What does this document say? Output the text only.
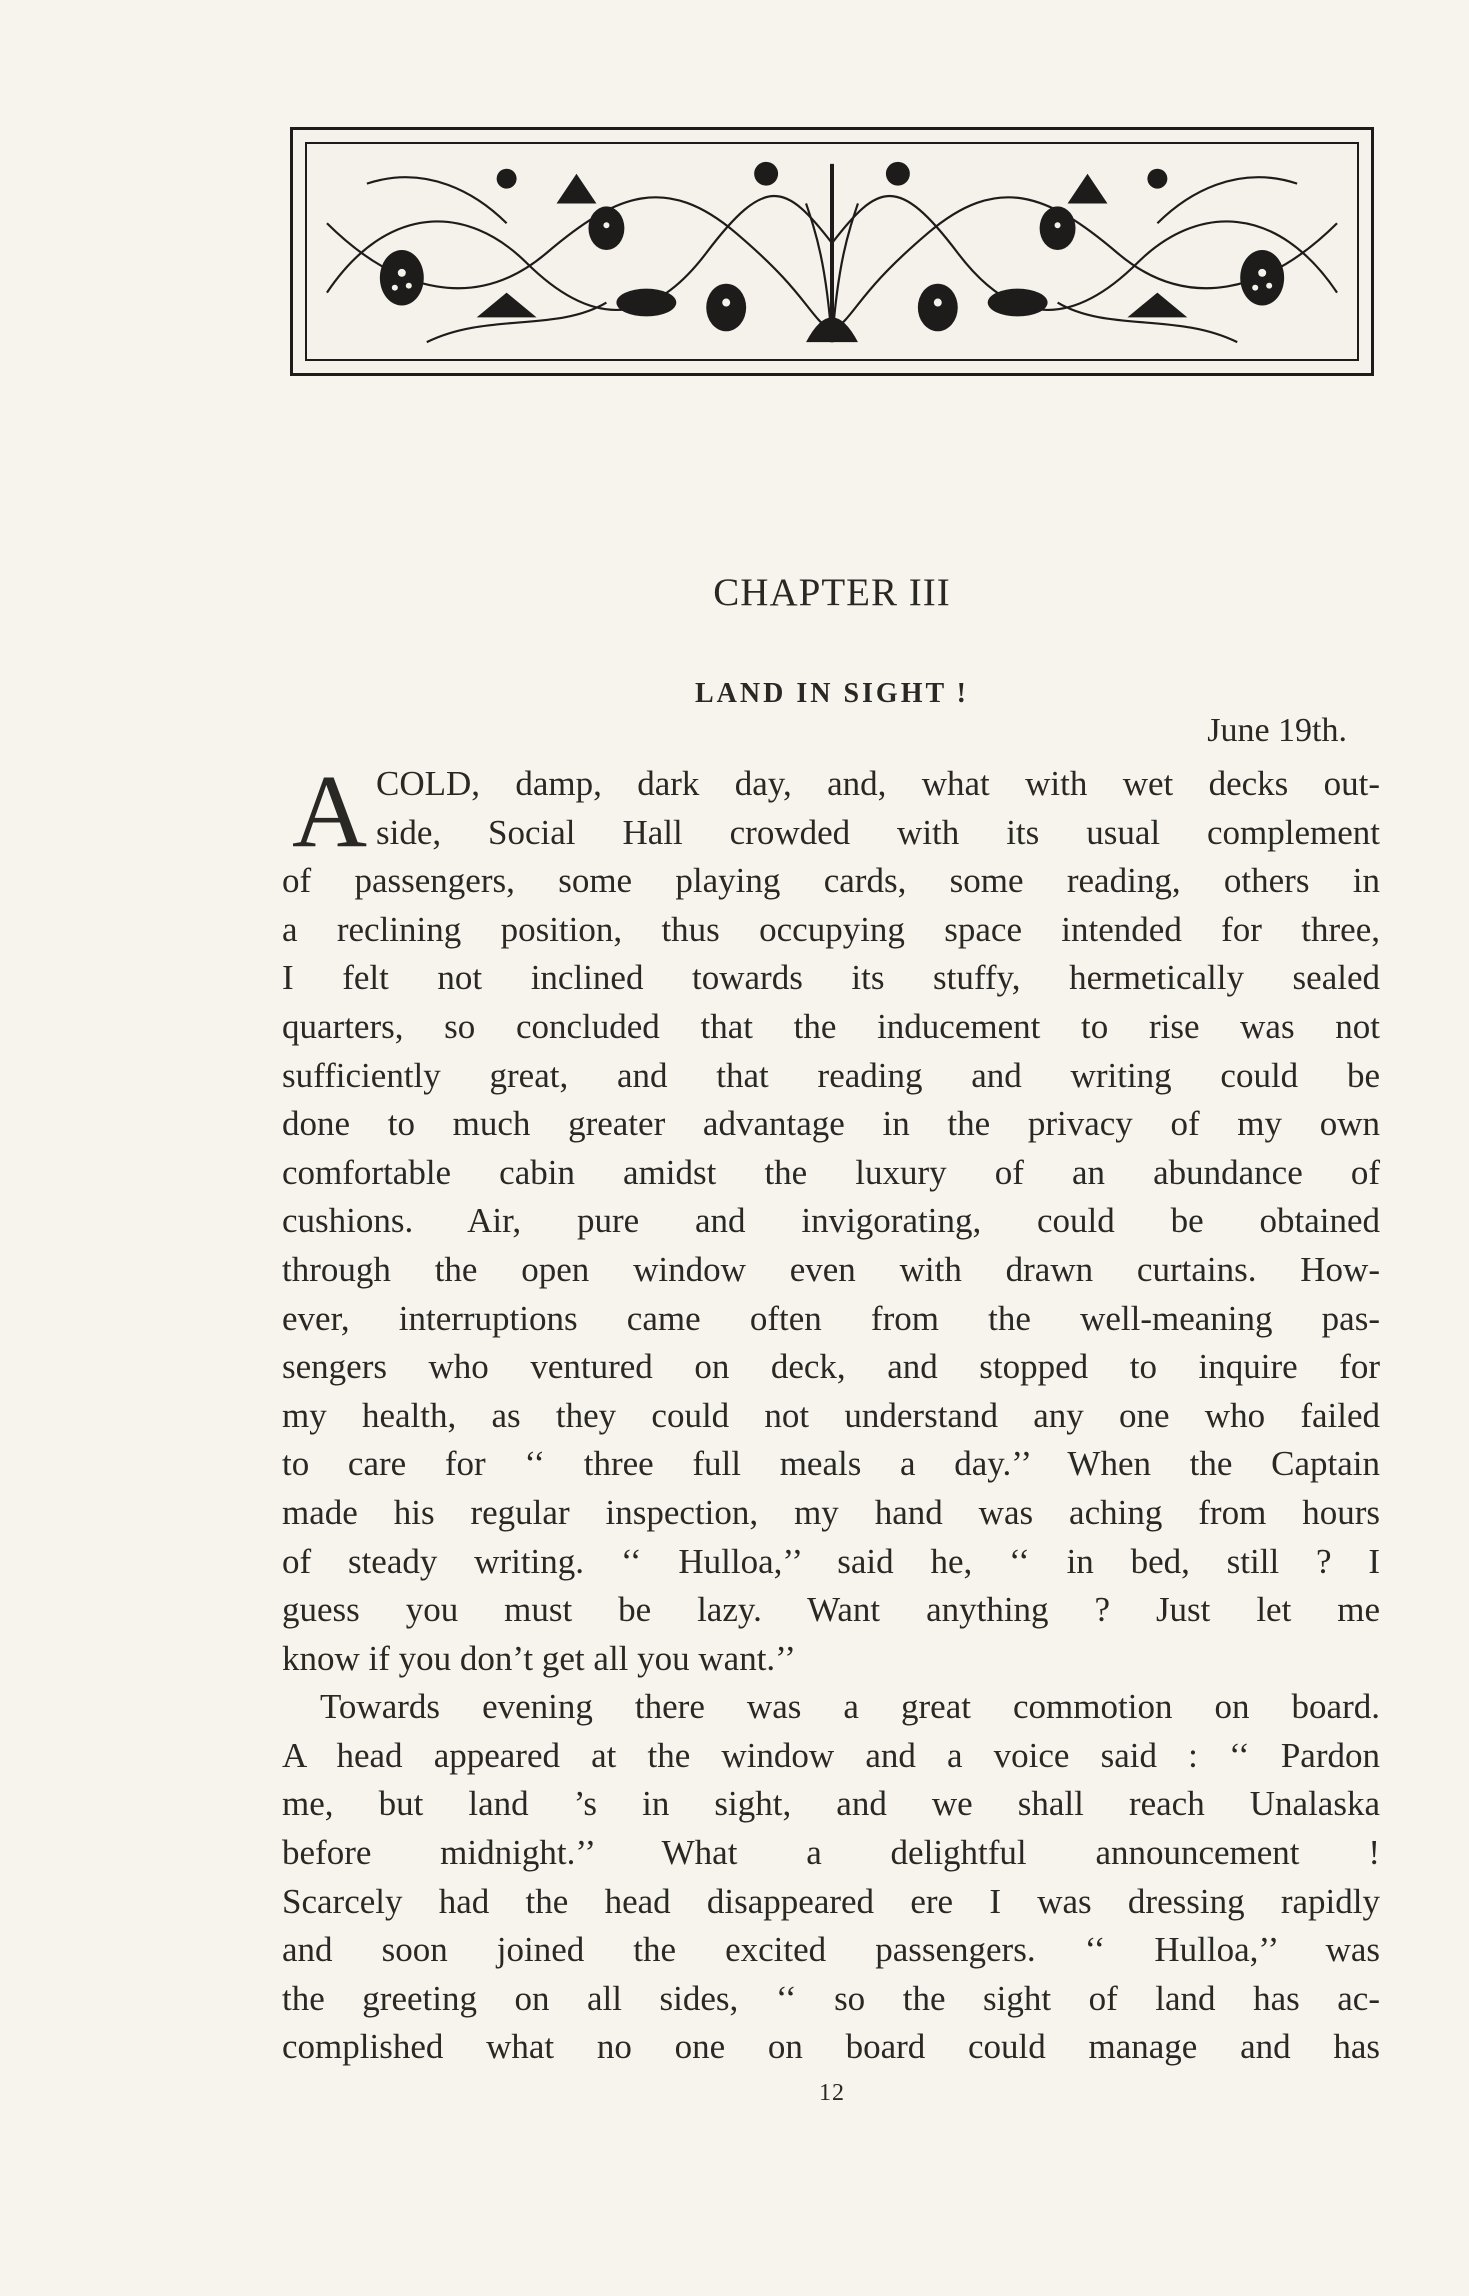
CHAPTER III
LAND IN SIGHT !

June 19th.

A COLD, damp, dark day, and, what with wet decks out-
side, Social Hall crowded with its usual complement
of passengers, some playing cards, some reading, others in
a reclining position, thus occupying space intended for three,
I felt not inclined towards its stuffy, hermetically sealed
quarters, so concluded that the inducement to rise was not
sufficiently great, and that reading and writing could be
done to much greater advantage in the privacy of my own
comfortable cabin amidst the luxury of an abundance of
cushions. Air, pure and invigorating, could be obtained
through the open window even with drawn curtains. How-
ever, interruptions came often from the well-meaning pas-
sengers who ventured on deck, and stopped to inquire for
my health, as they could not understand any one who failed
to care for ‘‘ three full meals a day.’’ When the Captain
made his regular inspection, my hand was aching from hours
of steady writing. ‘‘ Hulloa,’’ said he, ‘‘ in bed, still ? I
guess you must be lazy. Want anything ? Just let me
know if you don’t get all you want.’’
Towards evening there was a great commotion on board.
A head appeared at the window and a voice said : ‘‘ Pardon
me, but land ’s in sight, and we shall reach Unalaska
before midnight.’’ What a delightful announcement !
Scarcely had the head disappeared ere I was dressing rapidly
and soon joined the excited passengers. ‘‘ Hulloa,’’ was
the greeting on all sides, ‘‘ so the sight of land has ac-
complished what no one on board could manage and has
12
